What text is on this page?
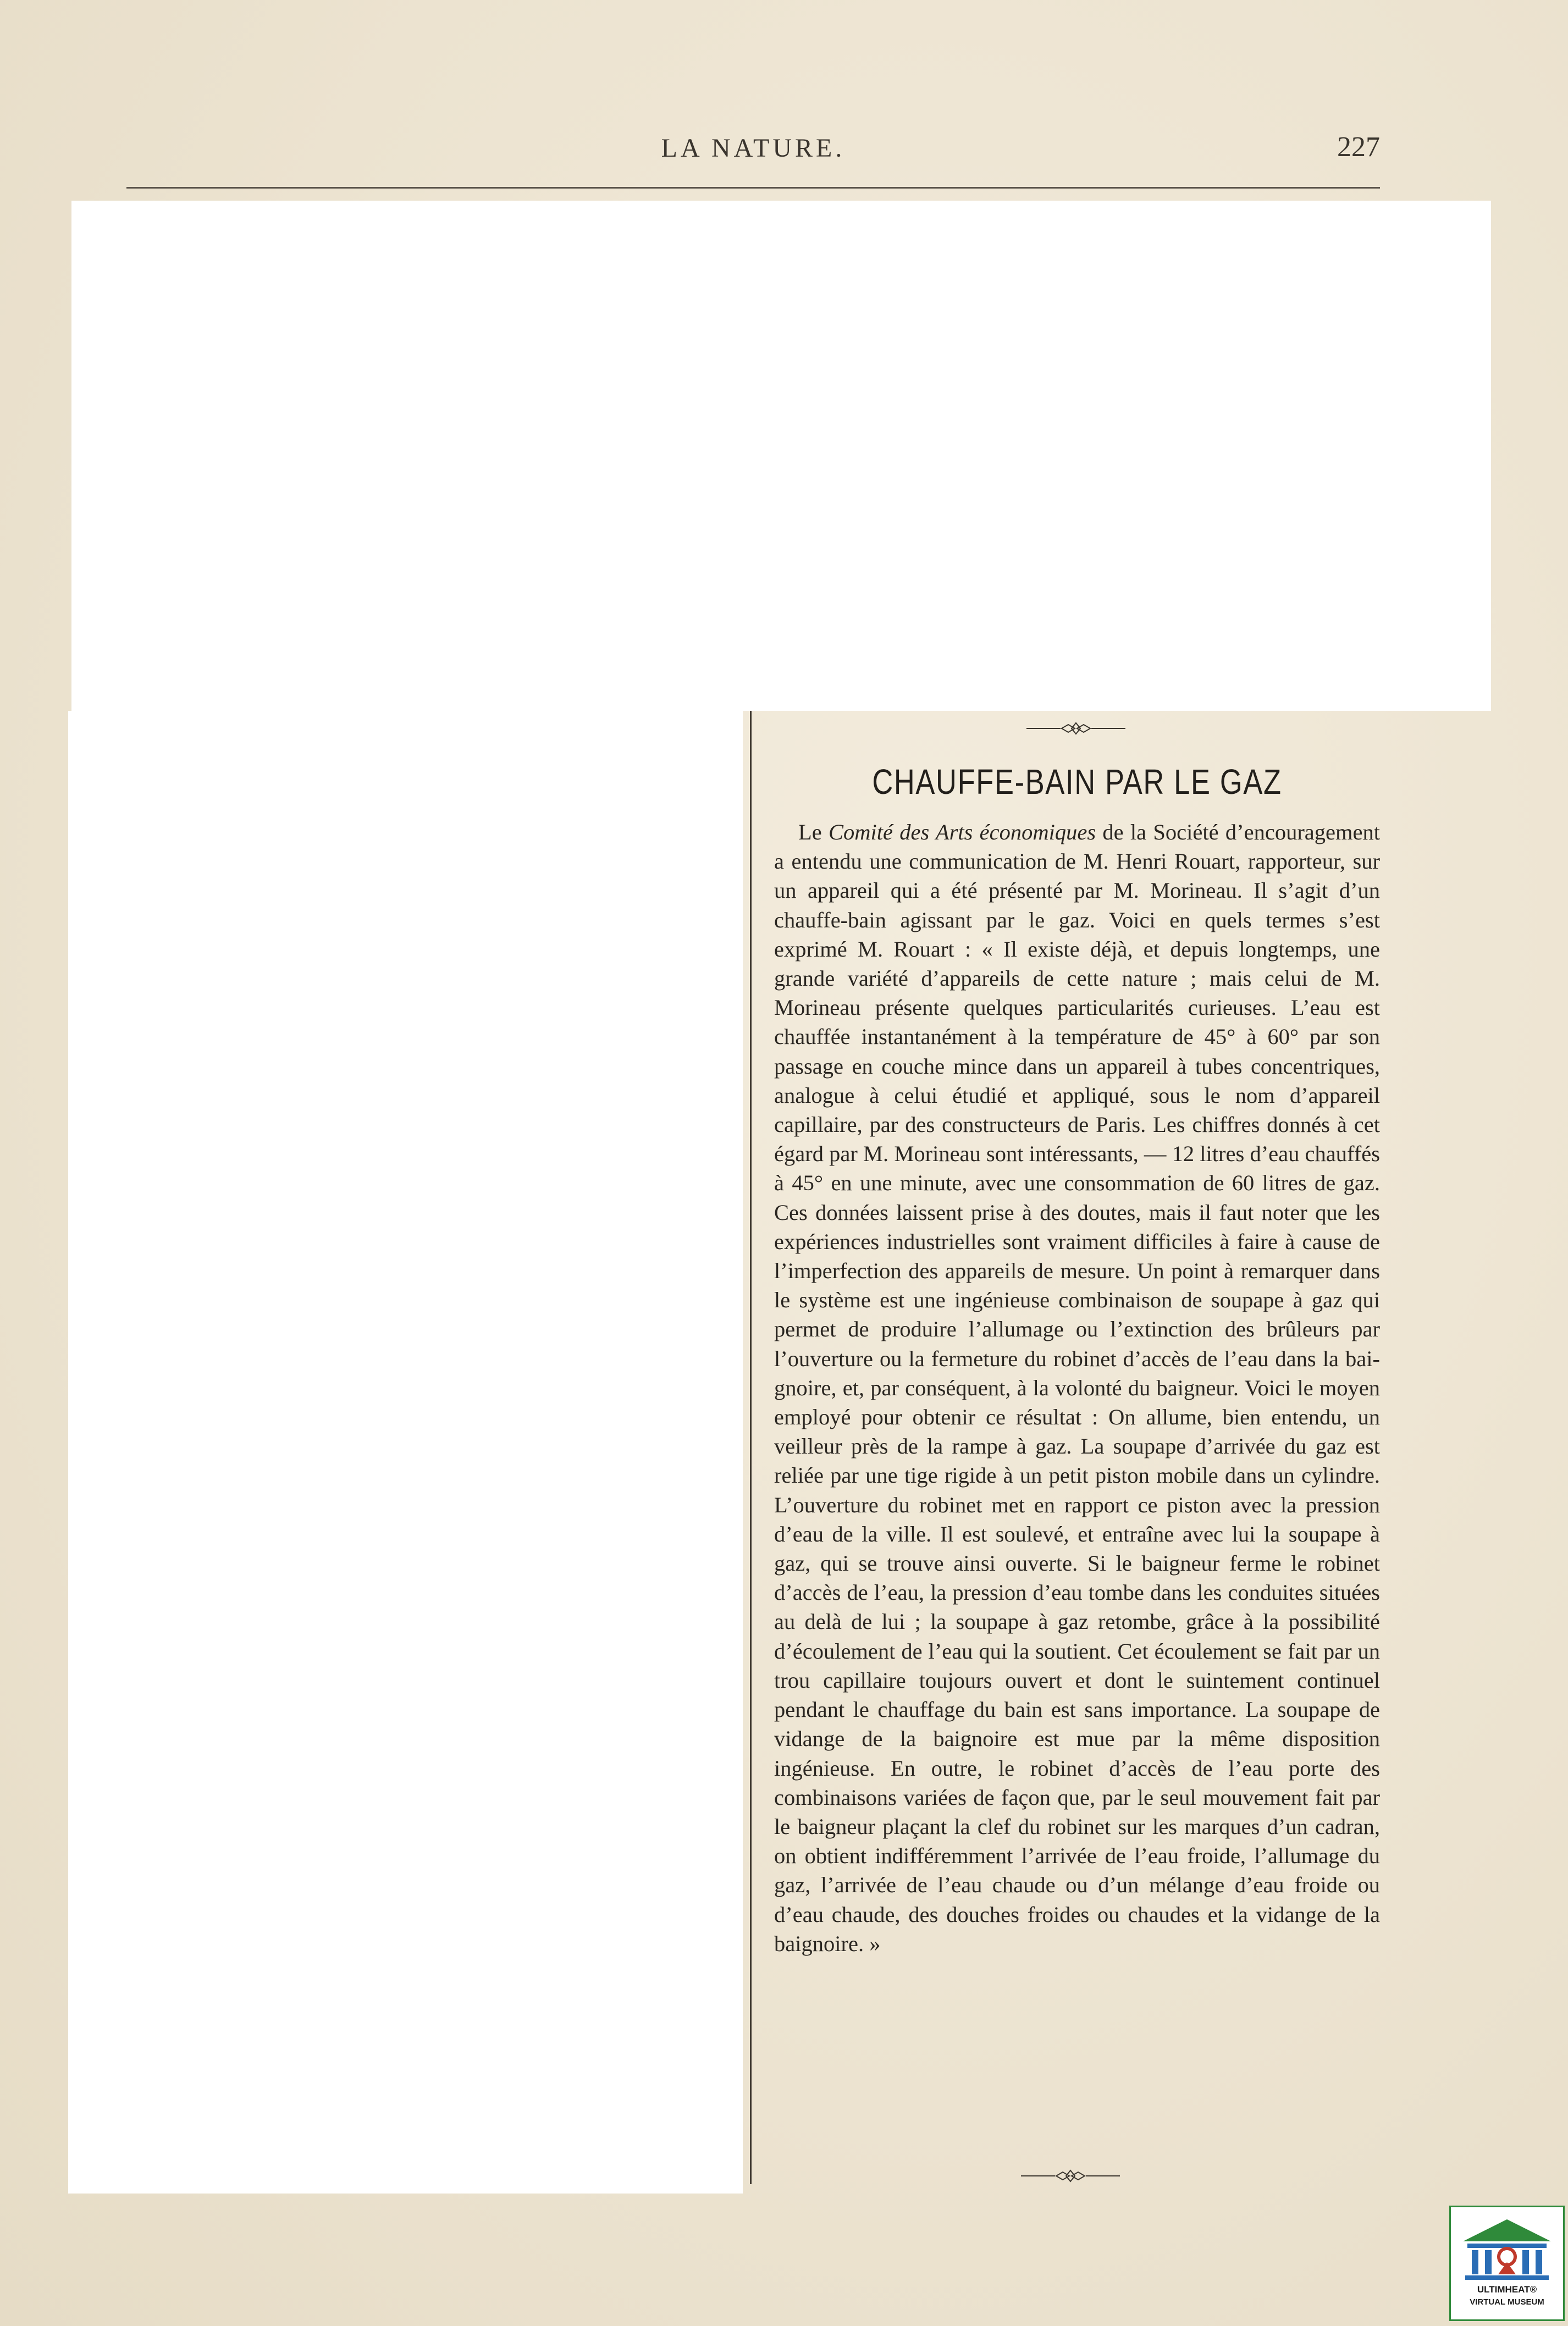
LA NATURE.	227
CHAUFFE-BAIN PAR LE GAZ

Le Comité des Arts économiques de la Société d’encouragement a entendu une communication de M. Henri Rouart, rapporteur, sur un appareil qui a été présenté par M. Morineau. Il s’agit d’un chauffe-bain agissant par le gaz. Voici en quels termes s’est exprimé M. Rouart : « Il existe déjà, et depuis longtemps, une grande variété d’appareils de cette nature ; mais celui de M. Morineau présente quelques particularités curieuses. L’eau est chauffée instantanément à la température de 45° à 60° par son passage en couche mince dans un appareil à tubes concentriques, analogue à celui étudié et appliqué, sous le nom d’appareil capillaire, par des constructeurs de Paris. Les chiffres donnés à cet égard par M. Morineau sont intéressants, — 12 litres d’eau chauffés à 45° en une minute, avec une consommation de 60 litres de gaz. Ces données laissent prise à des doutes, mais il faut noter que les expériences industrielles sont vraiment difficiles à faire à cause de l’imperfection des appareils de mesure. Un point à remarquer dans le système est une ingénieuse combinaison de soupape à gaz qui permet de produire l’allumage ou l’extinction des brûleurs par l’ouverture ou la fermeture du robinet d’accès de l’eau dans la baignoire, et, par conséquent, à la volonté du baigneur. Voici le moyen employé pour obtenir ce résultat : On allume, bien entendu, un veilleur près de la rampe à gaz. La soupape d’arrivée du gaz est reliée par une tige rigide à un petit piston mobile dans un cylindre. L’ouverture du robinet met en rapport ce piston avec la pression d’eau de la ville. Il est soulevé, et entraîne avec lui la soupape à gaz, qui se trouve ainsi ouverte. Si le baigneur ferme le robinet d’accès de l’eau, la pression d’eau tombe dans les conduites situées au delà de lui ; la soupape à gaz retombe, grâce à la possibilité d’écoulement de l’eau qui la soutient. Cet écoulement se fait par un trou capillaire toujours ouvert et dont le suintement continuel pendant le chauffage du bain est sans importance. La soupape de vidange de la baignoire est mue par la même disposition ingénieuse. En outre, le robinet d’accès de l’eau porte des combinaisons variées de façon que, par le seul mouvement fait par le baigneur plaçant la clef du robinet sur les marques d’un cadran, on obtient indifféremment l’arrivée de l’eau froide, l’allumage du gaz, l’arrivée de l’eau chaude ou d’un mélange d’eau froide ou d’eau chaude, des douches froides ou chaudes et la vidange de la baignoire. »

ULTIMHEAT®
VIRTUAL MUSEUM
